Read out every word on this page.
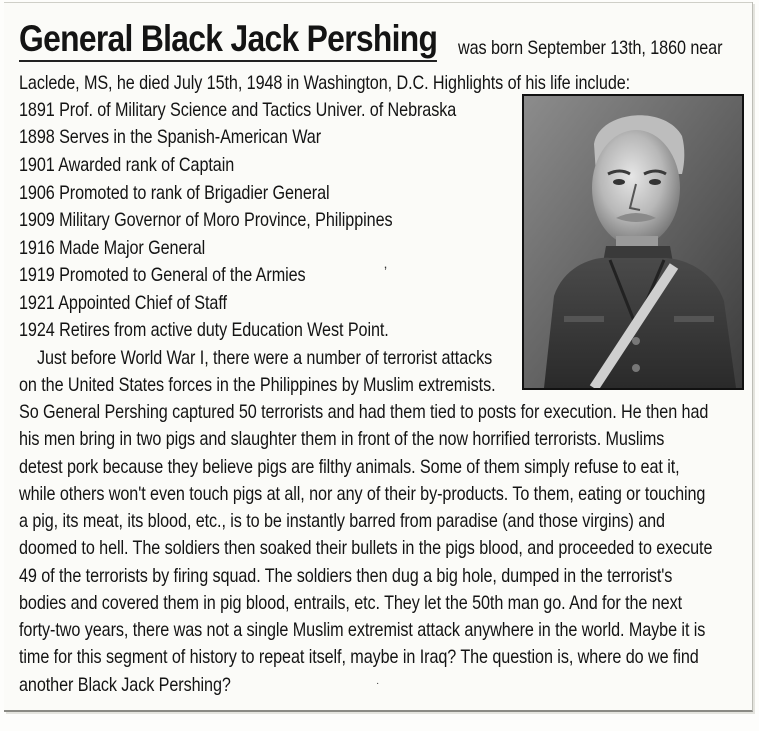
General Black Jack Pershing was born September 13th, 1860 near
Laclede, MS, he died July 15th, 1948 in Washington, D.C. Highlights of his life include:
1891 Prof. of Military Science and Tactics Univer. of Nebraska
1898 Serves in the Spanish-American War
1901 Awarded rank of Captain
1906 Promoted to rank of Brigadier General
1909 Military Governor of Moro Province, Philippines
1916 Made Major General
1919 Promoted to General of the Armies
1921 Appointed Chief of Staff
1924 Retires from active duty Education West Point.
Just before World War I, there were a number of terrorist attacks
on the United States forces in the Philippines by Muslim extremists.
So General Pershing captured 50 terrorists and had them tied to posts for execution. He then had
his men bring in two pigs and slaughter them in front of the now horrified terrorists. Muslims
detest pork because they believe pigs are filthy animals. Some of them simply refuse to eat it,
while others won't even touch pigs at all, nor any of their by-products. To them, eating or touching
a pig, its meat, its blood, etc., is to be instantly barred from paradise (and those virgins) and
doomed to hell. The soldiers then soaked their bullets in the pigs blood, and proceeded to execute
49 of the terrorists by firing squad. The soldiers then dug a big hole, dumped in the terrorist's
bodies and covered them in pig blood, entrails, etc. They let the 50th man go. And for the next
forty-two years, there was not a single Muslim extremist attack anywhere in the world. Maybe it is
time for this segment of history to repeat itself, maybe in Iraq? The question is, where do we find
another Black Jack Pershing?
ʼ
·
